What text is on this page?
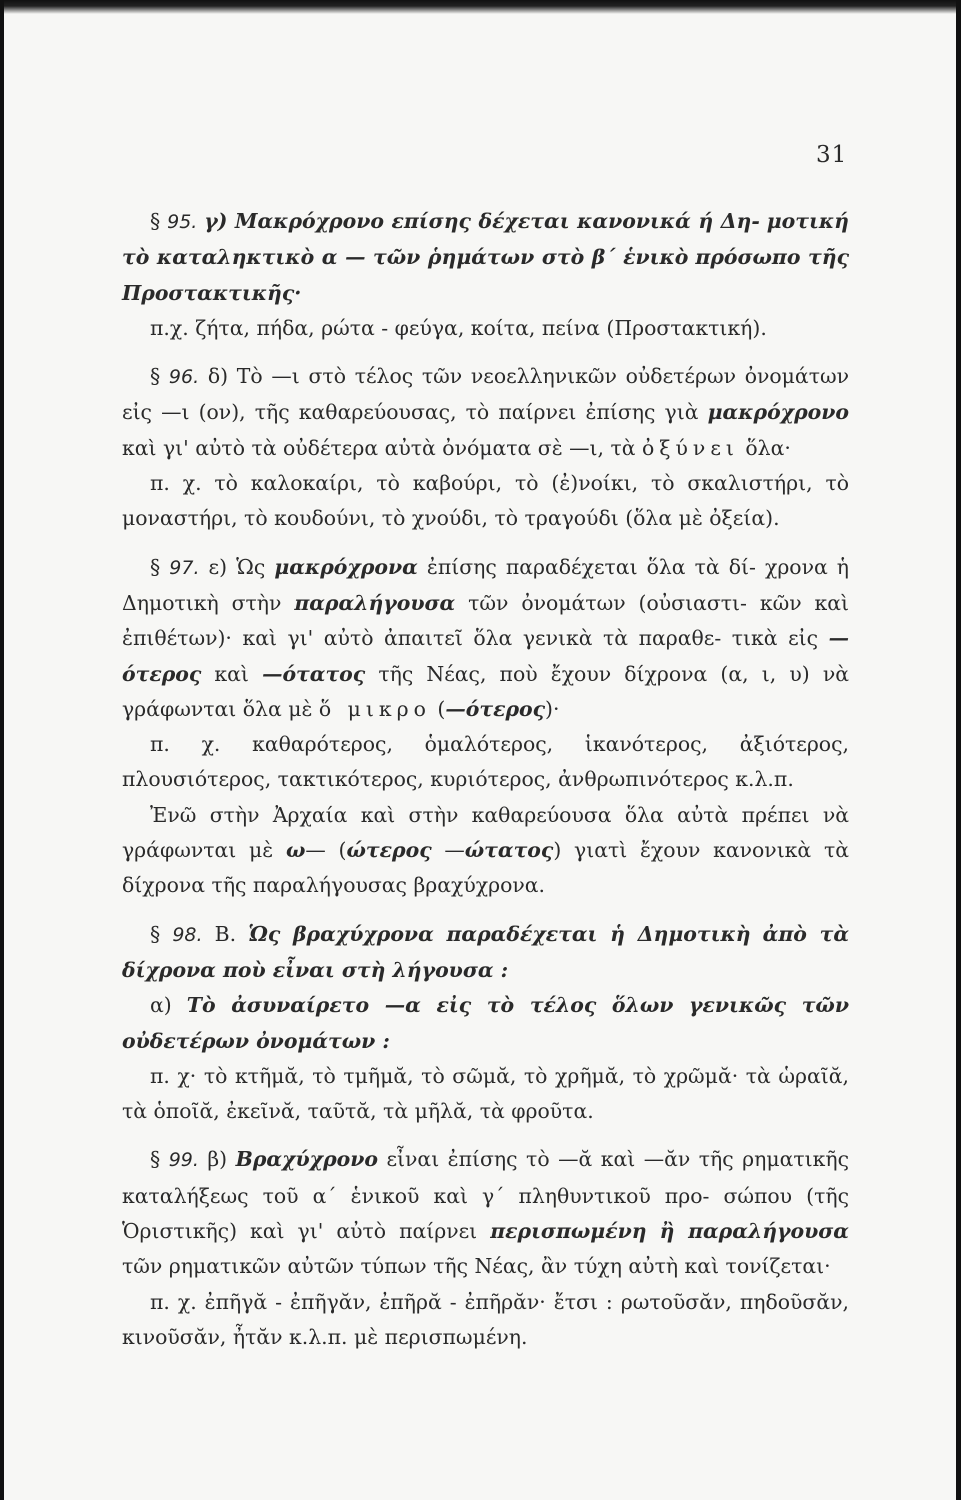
31

§ 95. γ) Μακρόχρονο επίσης δέχεται κανονικά ή Δη- μοτική τὸ καταληκτικὸ α — τῶν ῥημάτων στὸ β΄ ἑνικὸ πρόσωπο τῆς Προστακτικῆς·

π.χ. ζήτα, πήδα, ρώτα - φεύγα, κοίτα, πείνα (Προστακτική).

§ 96. δ) Τὸ —ι στὸ τέλος τῶν νεοελληνικῶν οὐδετέρων ὀνομάτων εἰς —ι (ον), τῆς καθαρεύουσας, τὸ παίρνει ἐπίσης γιὰ μακρόχρονο καὶ γι' αὐτὸ τὰ οὐδέτερα αὐτὰ ὀνόματα σὲ —ι, τὰ ὀξύνει ὅλα·

π. χ. τὸ καλοκαίρι, τὸ καβούρι, τὸ (ἐ)νοίκι, τὸ σκαλιστήρι, τὸ μοναστήρι, τὸ κουδούνι, τὸ χνούδι, τὸ τραγούδι (ὅλα μὲ ὀξεία).

§ 97. ε) Ὡς μακρόχρονα ἐπίσης παραδέχεται ὅλα τὰ δί- χρονα ἡ Δημοτικὴ στὴν παραλήγουσα τῶν ὀνομάτων (οὐσιαστι- κῶν καὶ ἐπιθέτων)· καὶ γι' αὐτὸ ἀπαιτεῖ ὅλα γενικὰ τὰ παραθε- τικὰ εἰς —ότερος καὶ —ότατος τῆς Νέας, ποὺ ἔχουν δίχρονα (α, ι, υ) νὰ γράφωνται ὅλα μὲ ὅ μικρο (—ότερος)·

π. χ. καθαρότερος, ὁμαλότερος, ἱκανότερος, ἀξιότερος, πλουσιότερος, τακτικότερος, κυριότερος, ἀνθρωπινότερος κ.λ.π.

Ἐνῶ στὴν Ἀρχαία καὶ στὴν καθαρεύουσα ὅλα αὐτὰ πρέπει νὰ γράφωνται μὲ ω— (ώτερος —ώτατος) γιατὶ ἔχουν κανονικὰ τὰ δίχρονα τῆς παραλήγουσας βραχύχρονα.

§ 98. Β. Ὡς βραχύχρονα παραδέχεται ἡ Δημοτικὴ ἀπὸ τὰ δίχρονα ποὺ εἶναι στὴ λήγουσα :

α) Τὸ ἀσυναίρετο —α εἰς τὸ τέλος ὅλων γενικῶς τῶν οὐδετέρων ὀνομάτων :

π. χ· τὸ κτῆμᾰ, τὸ τμῆμᾰ, τὸ σῶμᾰ, τὸ χρῆμᾰ, τὸ χρῶμᾰ· τὰ ὡραῖᾰ, τὰ ὁποῖᾰ, ἐκεῖνᾰ, ταῦτᾰ, τὰ μῆλᾰ, τὰ φροῦτα.

§ 99. β) Βραχύχρονο εἶναι ἐπίσης τὸ —ᾰ καὶ —ᾰν τῆς ρηματικῆς καταλήξεως τοῦ α΄ ἑνικοῦ καὶ γ΄ πληθυντικοῦ προ- σώπου (τῆς Ὁριστικῆς) καὶ γι' αὐτὸ παίρνει περισπωμένη ἢ παραλήγουσα τῶν ρηματικῶν αὐτῶν τύπων τῆς Νέας, ἂν τύχη αὐτὴ καὶ τονίζεται·

π. χ. ἐπῆγᾰ - ἐπῆγᾰν, ἐπῆρᾰ - ἐπῆρᾰν· ἔτσι : ρωτοῦσᾰν, πηδοῦσᾰν, κινοῦσᾰν, ἦτᾰν κ.λ.π. μὲ περισπωμένη.
